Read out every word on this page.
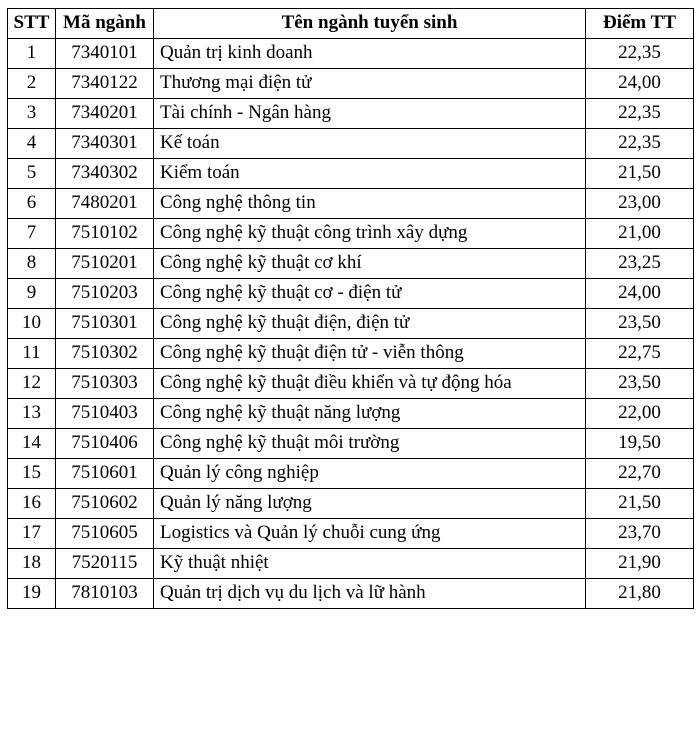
STT	Mã ngành	Tên ngành tuyển sinh	Điểm TT
1	7340101	Quản trị kinh doanh	22,35
2	7340122	Thương mại điện tử	24,00
3	7340201	Tài chính - Ngân hàng	22,35
4	7340301	Kế toán	22,35
5	7340302	Kiểm toán	21,50
6	7480201	Công nghệ thông tin	23,00
7	7510102	Công nghệ kỹ thuật công trình xây dựng	21,00
8	7510201	Công nghệ kỹ thuật cơ khí	23,25
9	7510203	Công nghệ kỹ thuật cơ - điện tử	24,00
10	7510301	Công nghệ kỹ thuật điện, điện tử	23,50
11	7510302	Công nghệ kỹ thuật điện tử - viễn thông	22,75
12	7510303	Công nghệ kỹ thuật điều khiển và tự động hóa	23,50
13	7510403	Công nghệ kỹ thuật năng lượng	22,00
14	7510406	Công nghệ kỹ thuật môi trường	19,50
15	7510601	Quản lý công nghiệp	22,70
16	7510602	Quản lý năng lượng	21,50
17	7510605	Logistics và Quản lý chuỗi cung ứng	23,70
18	7520115	Kỹ thuật nhiệt	21,90
19	7810103	Quản trị dịch vụ du lịch và lữ hành	21,80
